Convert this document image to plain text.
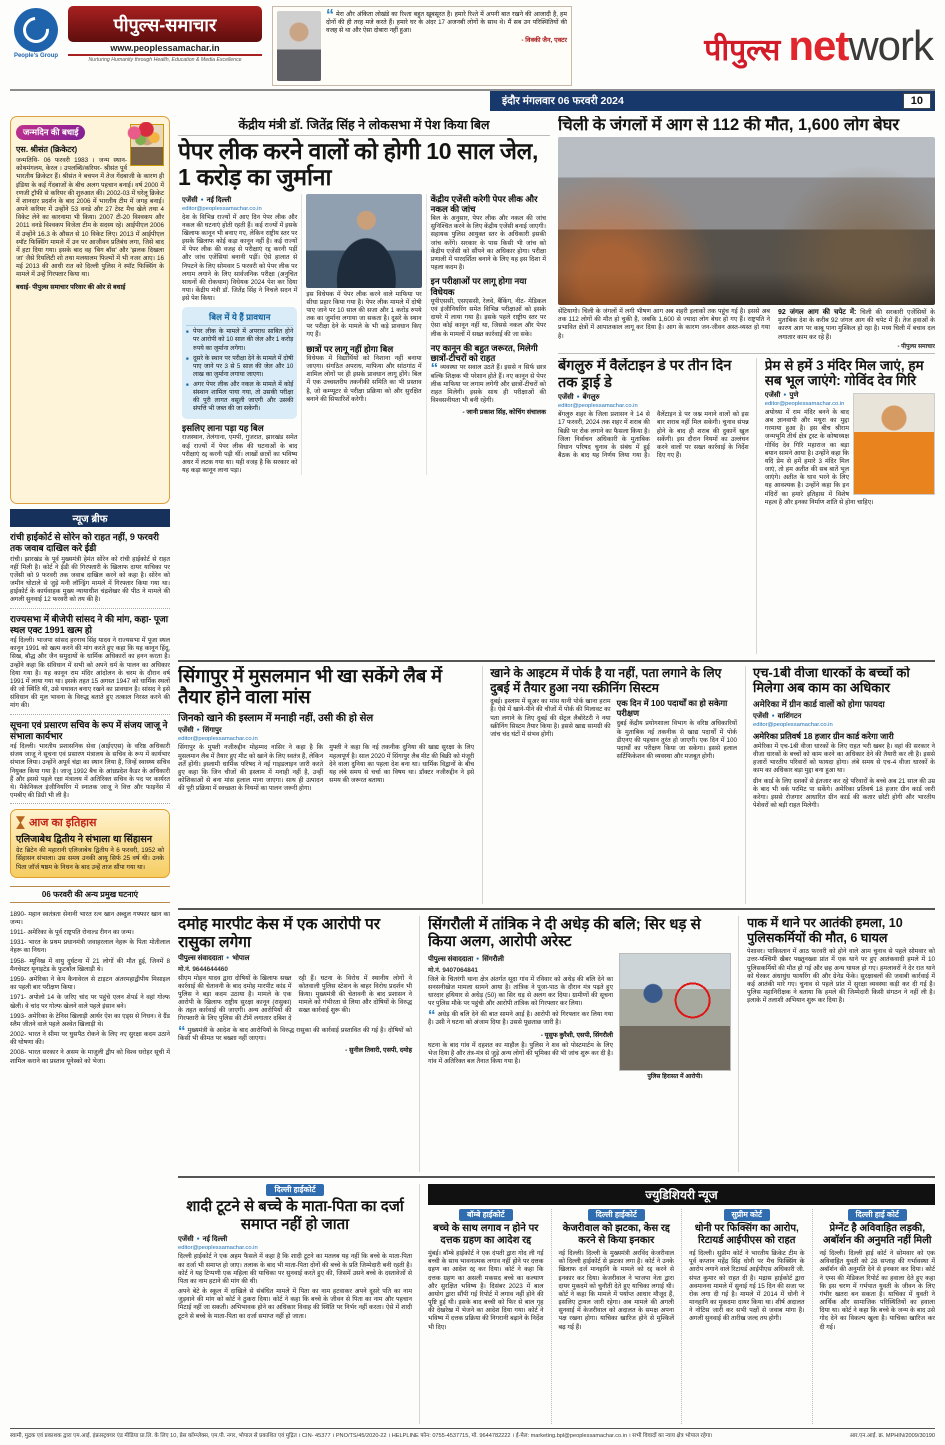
People's Group
पीपुल्स-समाचार
www.peoplessamachar.in
Nurturing Humanity through Health, Education & Media Excellence
“ मेरा और अंकिता लोखंडे का रिश्ता बहुत खूबसूरत है। हमारे रिश्ते में अपनी बात रखने की आजादी है, हम दोनों की ही तरह मजे करते हैं। हमारे घर के अंदर 17 अजनबी लोगों के साथ थे। मैं सब उन परिस्थितियों की वजह से था और ऐसा दोबारा नहीं हुआ।
- विक्की जैन, एक्टर	पीपुल्स network
इंदौर मंगलवार 06 फरवरी 2024	10
जन्मदिन की बधाई
एस. श्रीसंत (क्रिकेटर)

जन्मतिथि- 06 फरवरी 1983 । जन्म स्थान- कोथमंगलम, केरल । उपलब्धि/करियर- श्रीसंत पूर्व भारतीय क्रिकेटर हैं। श्रीसंत ने बचपन में तेज गेंदबाजी के कारण ही इंडिया के कई गेंदबाजों के बीच अलग पहचान बनाई। वर्ष 2000 में रणजी ट्रॉफी से करियर की शुरुआत की। 2002-03 में घरेलू क्रिकेट में शानदार प्रदर्शन के बाद 2006 में भारतीय टीम में जगह बनाई। अपने करियर में उन्होंने 53 वनडे और 27 टेस्ट मैच खेले तथा 4 विकेट लेने का कारनामा भी किया। 2007 टी-20 विश्वकप और 2011 वनडे विश्वकप विजेता टीम के सदस्य रहे। आईपीएल 2006 में उन्होंने 16.3 के औसत से 10 विकेट लिए। 2013 में आईपीएल स्पॉट फिक्सिंग मामले में उन पर आजीवन प्रतिबंध लगा, जिसे बाद में हटा दिया गया। इसके बाद वह 'बिग बॉस' और 'झलक दिखला जा' जैसे रियलिटी शो तथा मलयालम फिल्मों में भी नजर आए। 16 मई 2013 की आधी रात को दिल्ली पुलिस ने स्पॉट फिक्सिंग के मामले में उन्हें गिरफ्तार किया था।

बधाई- पीपुल्स समाचार परिवार की ओर से बधाई
न्यूज ब्रीफ
रांची हाईकोर्ट से सोरेन को राहत नहीं, 9 फरवरी तक जवाब दाखिल करे ईडी

रांची। झारखंड के पूर्व मुख्यमंत्री हेमंत सोरेन को रांची हाईकोर्ट से राहत नहीं मिली है। कोर्ट ने ईडी की गिरफ्तारी के खिलाफ दायर याचिका पर एजेंसी को 9 फरवरी तक जवाब दाखिल करने को कहा है। सोरेन को जमीन घोटाले से जुड़े मनी लॉन्ड्रिंग मामले में गिरफ्तार किया गया था। हाईकोर्ट के कार्यवाहक मुख्य न्यायाधीश चंद्रशेखर की पीठ ने मामले की अगली सुनवाई 12 फरवरी को तय की है।

राज्यसभा में बीजेपी सांसद ने की मांग, कहा- पूजा स्थल एक्ट 1991 खत्म हो

नई दिल्ली। भाजपा सांसद हरनाथ सिंह यादव ने राज्यसभा में पूजा स्थल कानून 1991 को खत्म करने की मांग करते हुए कहा कि यह कानून हिंदू, सिख, बौद्ध और जैन समुदायों के धार्मिक अधिकारों का हनन करता है। उन्होंने कहा कि संविधान में सभी को अपने धर्म के पालन का अधिकार दिया गया है। यह कानून राम मंदिर आंदोलन के चरम के दौरान वर्ष 1991 में लाया गया था। इसके तहत 15 अगस्त 1947 को धार्मिक स्थलों की जो स्थिति थी, उसे यथावत बनाए रखने का प्रावधान है। सांसद ने इसे संविधान की मूल भावना के विरुद्ध बताते हुए तत्काल निरस्त करने की मांग की।

सूचना एवं प्रसारण सचिव के रूप में संजय जाजू ने संभाला कार्यभार

नई दिल्ली। भारतीय प्रशासनिक सेवा (आईएएस) के वरिष्ठ अधिकारी संजय जाजू ने सूचना एवं प्रसारण मंत्रालय के सचिव के रूप में कार्यभार संभाल लिया। उन्होंने अपूर्व चंद्रा का स्थान लिया है, जिन्हें स्वास्थ्य सचिव नियुक्त किया गया है। जाजू 1992 बैच के आंध्रप्रदेश कैडर के अधिकारी हैं और इससे पहले रक्षा मंत्रालय में अतिरिक्त सचिव के पद पर कार्यरत थे। मैकेनिकल इंजीनियरिंग में स्नातक जाजू ने वित्त और फाइनेंस में एमबीए की डिग्री भी ली है।

आज का इतिहास
एलिजाबेथ द्वितीय ने संभाला था सिंहासन

ग्रेट ब्रिटेन की महारानी एलिजाबेथ द्वितीय ने 6 फरवरी, 1952 को सिंहासन संभाला। उस समय उनकी आयु सिर्फ 25 वर्ष थी। उनके पिता जॉर्ज षष्ठम के निधन के बाद उन्हें ताज सौंपा गया था।

06 फरवरी की अन्य प्रमुख घटनाएं
1890- महान स्वतंत्रता सेनानी भारत रत्न खान अब्दुल गफ्फार खान का जन्म।
1911- अमेरिका के पूर्व राष्ट्रपति रोनाल्ड रीगन का जन्म।
1931- भारत के प्रथम प्रधानमंत्री जवाहरलाल नेहरू के पिता मोतीलाल नेहरू का निधन।
1958- म्यूनिख में वायु दुर्घटना में 21 लोगों की मौत हुई, जिनमें 8 मैनचेस्टर यूनाइटेड के फुटबॉल खिलाड़ी थे।
1959- अमेरिका ने केप कैनावेरल से टाइटन अंतरमहाद्वीपीय मिसाइल का पहली बार परीक्षण किया।
1971- अपोलो 14 के जरिए चांद पर पहुंचे एलन शेपर्ड ने वहां गोल्फ खेली। वे चांद पर गोल्फ खेलने वाले पहले इंसान बने।
1993- अमेरिका के टेनिस खिलाड़ी आर्थर ऐश का एड्स से निधन। वे ग्रैंड स्लैम जीतने वाले पहले अश्वेत खिलाड़ी थे।
2002- भारत ने सीमा पर घुसपैठ रोकने के लिए नए सुरक्षा कदम उठाने की घोषणा की।
2008- भारत सरकार ने असम के माजुली द्वीप को विश्व धरोहर सूची में शामिल कराने का प्रस्ताव यूनेस्को को भेजा।
केंद्रीय मंत्री डॉ. जितेंद्र सिंह ने लोकसभा में पेश किया बिल
पेपर लीक करने वालों को होगी 10 साल जेल, 1 करोड़ का जुर्माना
एजेंसी ● नई दिल्ली
editor@peoplessamachar.co.in

देश के विभिन्न राज्यों में आए दिन पेपर लीक और नकल की घटनाएं होती रहती हैं। कई राज्यों में इसके खिलाफ कानून भी बनाए गए, लेकिन राष्ट्रीय स्तर पर इसके खिलाफ कोई कड़ा कानून नहीं है। कई राज्यों में पेपर लीक की वजह से परीक्षाएं रद्द करनी पड़ीं और जांच एजेंसियां बनानी पड़ीं। ऐसे हालात से निपटने के लिए सोमवार 5 फरवरी को पेपर लीक पर लगाम लगाने के लिए सार्वजनिक परीक्षा (अनुचित साधनों की रोकथाम) विधेयक 2024 पेश कर दिया गया। केंद्रीय मंत्री डॉ. जितेंद्र सिंह ने निचले सदन में इसे पेश किया।

बिल में ये हैं प्रावधान
■ पेपर लीक के मामले में अपराध साबित होने पर आरोपी को 10 साल की जेल और 1 करोड़ रुपये का जुर्माना लगेगा।
■ दूसरे के स्थान पर परीक्षा देने के मामले में दोषी पाए जाने पर 3 से 5 साल की जेल और 10 लाख का जुर्माना लगाया जाएगा।
■ अगर पेपर लीक और नकल के मामले में कोई संस्थान शामिल पाया गया, तो उसकी परीक्षा की पूरी लागत वसूली जाएगी और उसकी संपत्ति भी जब्त की जा सकेगी।
इसलिए लाना पड़ा यह बिल

राजस्थान, तेलंगाना, एमपी, गुजरात, झारखंड समेत कई राज्यों में पेपर लीक की घटनाओं के बाद परीक्षाएं रद्द करनी पड़ी थीं। लाखों छात्रों का भविष्य अधर में लटक गया था। यही वजह है कि सरकार को यह कड़ा कानून लाना पड़ा।

इस विधेयक में पेपर लीक करने वाले माफिया पर सीधा प्रहार किया गया है। पेपर लीक मामले में दोषी पाए जाने पर 10 साल की सजा और 1 करोड़ रुपये तक का जुर्माना लगाया जा सकता है। दूसरे के स्थान पर परीक्षा देने के मामले के भी कड़े प्रावधान किए गए हैं।

छात्रों पर लागू नहीं होगा बिल

विधेयक में विद्यार्थियों को निशाना नहीं बनाया जाएगा। संगठित अपराध, माफिया और सांठगांठ में शामिल लोगों पर ही इसके प्रावधान लागू होंगे। बिल में एक उच्चस्तरीय तकनीकी समिति का भी प्रस्ताव है, जो कम्प्यूटर से परीक्षा प्रक्रिया को और सुरक्षित बनाने की सिफारिशें करेगी।

केंद्रीय एजेंसी करेगी पेपर लीक और नकल की जांच

बिल के अनुसार, पेपर लीक और नकल की जांच सुनिश्चित करने के लिए केंद्रीय एजेंसी बनाई जाएगी। सहायक पुलिस आयुक्त स्तर के अधिकारी इसकी जांच करेंगे। सरकार के पास किसी भी जांच को केंद्रीय एजेंसी को सौंपने का अधिकार होगा। परीक्षा प्रणाली में पारदर्शिता बनाने के लिए यह इस दिशा में पहला कदम है।

इन परीक्षाओं पर लागू होगा नया विधेयक

यूपीएससी, एसएससी, रेलवे, बैंकिंग, नीट- मेडिकल एवं इंजीनियरिंग समेत विभिन्न परीक्षाओं को इसके दायरे में लाया गया है। इसके पहले राष्ट्रीय स्तर पर ऐसा कोई कानून नहीं था, जिससे नकल और पेपर लीक के मामलों में सख्त कार्रवाई की जा सके।

नए कानून की बहुत जरूरत, मिलेगी छात्रों-टीचरों को राहत

“ व्यवस्था पर सवाल उठते हैं। इससे न सिर्फ छात्र बल्कि शिक्षक भी परेशान होते हैं। नए कानून से पेपर लीक माफिया पर लगाम लगेगी और छात्रों-टीचरों को राहत मिलेगी। इसके साथ ही परीक्षाओं की विश्वसनीयता भी बनी रहेगी।

- जानी प्रकाश सिंह, कोचिंग संचालक
चिली के जंगलों में आग से 112 की मौत, 1,600 लोग बेघर

सेंटियागो। चिली के जंगलों में लगी भीषण आग अब शहरी इलाकों तक पहुंच गई है। इससे अब तक 112 लोगों की मौत हो चुकी है, जबकि 1,600 से ज्यादा लोग बेघर हो गए हैं। राष्ट्रपति ने प्रभावित क्षेत्रों में आपातकाल लागू कर दिया है। आग के कारण जन-जीवन अस्त-व्यस्त हो गया है।

92 जंगल आग की चपेट में: चिली की सरकारी एजेंसियों के मुताबिक देश के करीब 92 जंगल आग की चपेट में हैं। तेज हवाओं के कारण आग पर काबू पाना मुश्किल हो रहा है। मध्य चिली में बचाव दल लगातार काम कर रहे हैं।

- पीपुल्स समाचार
बेंगलुरु में वैलेंटाइन डे पर तीन दिन तक ड्राई डे
एजेंसी ● बेंगलुरु
editor@peoplessamachar.co.in

बेंगलुरु शहर के जिला प्रशासन ने 14 से 17 फरवरी, 2024 तक शहर में शराब की बिक्री पर रोक लगाने का फैसला किया है। जिला निर्वाचन अधिकारी के मुताबिक विधान परिषद चुनाव के संबंध में हुई बैठक के बाद यह निर्णय लिया गया है। वैलेंटाइन डे पर जश्न मनाने वालों को इस बार शराब नहीं मिल सकेगी। चुनाव संपन्न होने के बाद ही शराब की दुकानें खुल सकेंगी। इस दौरान नियमों का उल्लंघन करने वालों पर सख्त कार्रवाई के निर्देश दिए गए हैं।

प्रेम से हमें 3 मंदिर मिल जाएं, हम सब भूल जाएंगे: गोविंद देव गिरि
एजेंसी ● पुणे
editor@peoplessamachar.co.in

अयोध्या में राम मंदिर बनने के बाद अब ज्ञानवापी और मथुरा का मुद्दा गरमाया हुआ है। इस बीच श्रीराम जन्मभूमि तीर्थ क्षेत्र ट्रस्ट के कोषाध्यक्ष गोविंद देव गिरि महाराज का बड़ा बयान सामने आया है। उन्होंने कहा कि यदि प्रेम से हमें हमारे 3 मंदिर मिल जाएं, तो हम अतीत की सब बातें भूल जाएंगे। अतीत के घाव भरने के लिए यह आवश्यक है। उन्होंने कहा कि इन मंदिरों का हमारे इतिहास में विशेष महत्व है और इनका निर्माण शांति से होना चाहिए।

सिंगापुर में मुसलमान भी खा सकेंगे लैब में तैयार होने वाला मांस
जिनको खाने की इस्लाम में मनाही नहीं, उसी की हो सेल
एजेंसी ● सिंगापुर
editor@peoplessamachar.co.in

सिंगापुर के मुफ्ती नजीरुद्दीन मोहम्मद नासिर ने कहा है कि मुसलमान लैब में तैयार हुए मीट को खाने के लिए स्वतंत्र हैं, लेकिन शर्तें होंगी। इस्लामी धार्मिक परिषद ने नई गाइडलाइन जारी करते हुए कहा कि जिन चीजों की इस्लाम में मनाही नहीं है, उन्हीं कोशिकाओं से बना मांस हलाल माना जाएगा। साथ ही उत्पादन की पूरी प्रक्रिया में स्वच्छता के नियमों का पालन जरूरी होगा।

मुफ्ती ने कहा कि नई तकनीक दुनिया की खाद्य सुरक्षा के लिए महत्वपूर्ण है। साल 2020 में सिंगापुर लैब मीट की बिक्री को मंजूरी देने वाला दुनिया का पहला देश बना था। धार्मिक विद्वानों के बीच यह लंबे समय से चर्चा का विषय था। डॉक्टर नजीरुद्दीन ने इसे समय की जरूरत बताया।

खाने के आइटम में पोर्क है या नहीं, पता लगाने के लिए दुबई में तैयार हुआ नया स्क्रीनिंग सिस्टम

दुबई। इस्लाम में सूअर का मांस यानी पोर्क खाना हराम है। ऐसे में खाने-पीने की चीजों में पोर्क की मिलावट का पता लगाने के लिए दुबई की सेंट्रल लैबोरेटरी ने नया स्क्रीनिंग सिस्टम तैयार किया है। इससे खाद्य सामग्री की जांच चंद घंटों में संभव होगी।

एक दिन में 100 पदार्थों का हो सकेगा परीक्षण

दुबई केंद्रीय प्रयोगशाला विभाग के वरिष्ठ अधिकारियों के मुताबिक नई तकनीक से खाद्य पदार्थों में पोर्क डीएनए की पहचान तुरंत हो जाएगी। एक दिन में 100 पदार्थों का परीक्षण किया जा सकेगा। इससे हलाल सर्टिफिकेशन की व्यवस्था और मजबूत होगी।

एच-1बी वीजा धारकों के बच्चों को मिलेगा अब काम का अधिकार
अमेरिका में ग्रीन कार्ड वालों को होगा फायदा
एजेंसी ● वाशिंगटन
editor@peoplessamachar.co.in
अमेरिका प्रतिवर्ष 18 हजार ग्रीन कार्ड करेगा जारी

अमेरिका में एच-1बी वीजा धारकों के लिए राहत भरी खबर है। वहां की सरकार ने वीजा धारकों के बच्चों को काम करने का अधिकार देने की तैयारी कर ली है। इससे हजारों भारतीय परिवारों को फायदा होगा। लंबे समय से एच-4 वीजा धारकों के काम का अधिकार बड़ा मुद्दा बना हुआ था।

ग्रीन कार्ड के लिए दशकों से इंतजार कर रहे परिवारों के बच्चे अब 21 साल की उम्र के बाद भी वर्क परमिट पा सकेंगे। अमेरिका प्रतिवर्ष 18 हजार ग्रीन कार्ड जारी करेगा। इससे रोजगार आधारित ग्रीन कार्ड की कतार छोटी होगी और भारतीय पेशेवरों को बड़ी राहत मिलेगी।

दमोह मारपीट केस में एक आरोपी पर रासुका लगेगा
पीपुल्स संवाददाता ● भोपाल
मो.नं. 9644644460

सीएम मोहन यादव द्वारा दोषियों के खिलाफ सख्त कार्रवाई की चेतावनी के बाद दमोह मारपीट कांड में पुलिस ने बड़ा कदम उठाया है। मामले के एक आरोपी के खिलाफ राष्ट्रीय सुरक्षा कानून (रासुका) के तहत कार्रवाई की जाएगी। अन्य आरोपियों की गिरफ्तारी के लिए पुलिस की टीमें लगातार दबिश दे रही हैं। घटना के विरोध में स्थानीय लोगों ने कोतवाली पुलिस स्टेशन के बाहर विरोध प्रदर्शन भी किया। मुख्यमंत्री की चेतावनी के बाद प्रशासन ने मामले को गंभीरता से लिया और दोषियों के विरुद्ध सख्त कार्रवाई शुरू की।

“ मुख्यमंत्री के आदेश के बाद आरोपियों के विरुद्ध रासुका की कार्रवाई प्रस्तावित की गई है। दोषियों को किसी भी कीमत पर बख्शा नहीं जाएगा।

- सुनील तिवारी, एसपी, दमोह
सिंगरौली में तांत्रिक ने दी अधेड़ की बलि; सिर धड़ से किया अलग, आरोपी अरेस्ट
पीपुल्स संवाददाता ● सिंगरौली
मो.नं. 9407064841

जिले के चितरंगी थाना क्षेत्र अंतर्गत सूदा गांव में रविवार को अधेड़ की बलि देने का सनसनीखेज मामला सामने आया है। तांत्रिक ने पूजा-पाठ के दौरान मंत्र पढ़ते हुए धारदार हथियार से अधेड़ (50) का सिर धड़ से अलग कर दिया। ग्रामीणों की सूचना पर पुलिस मौके पर पहुंची और आरोपी तांत्रिक को गिरफ्तार कर लिया।

“ अधेड़ की बलि देने की बात सामने आई है। आरोपी को गिरफ्तार कर लिया गया है। उसी ने घटना को अंजाम दिया है। उससे पूछताछ जारी है।

- यूसुफ कुरैशी, एसपी, सिंगरौली

घटना के बाद गांव में दहशत का माहौल है। पुलिस ने शव को पोस्टमार्टम के लिए भेज दिया है और तंत्र-मंत्र से जुड़े अन्य लोगों की भूमिका की भी जांच शुरू कर दी है। गांव में अतिरिक्त बल तैनात किया गया है।

पुलिस हिरासत में आरोपी।
पाक में थाने पर आतंकी हमला, 10 पुलिसकर्मियों की मौत, 6 घायल

पेशावर। पाकिस्तान में आठ फरवरी को होने वाले आम चुनाव से पहले सोमवार को उत्तर-पश्चिमी खैबर पख्तूनख्वा प्रांत में एक थाने पर हुए आतंकवादी हमले में 10 पुलिसकर्मियों की मौत हो गई और छह अन्य घायल हो गए। हमलावरों ने देर रात थाने को घेरकर अंधाधुंध फायरिंग की और ग्रेनेड फेंके। सुरक्षाबलों की जवाबी कार्रवाई में कई आतंकी मारे गए। चुनाव से पहले प्रांत में सुरक्षा व्यवस्था कड़ी कर दी गई है। पुलिस महानिरीक्षक ने बताया कि हमले की जिम्मेदारी किसी संगठन ने नहीं ली है। इलाके में तलाशी अभियान शुरू कर दिया है।

दिल्ली हाईकोर्ट
शादी टूटने से बच्चे के माता-पिता का दर्जा समाप्त नहीं हो जाता
एजेंसी ● नई दिल्ली
editor@peoplessamachar.co.in

दिल्ली हाईकोर्ट ने एक अहम फैसले में कहा है कि शादी टूटने का मतलब यह नहीं कि बच्चे के माता-पिता का दर्जा भी समाप्त हो जाए। तलाक के बाद भी माता-पिता दोनों की बच्चे के प्रति जिम्मेदारी बनी रहती है। कोर्ट ने यह टिप्पणी एक महिला की याचिका पर सुनवाई करते हुए की, जिसमें उसने बच्चे के दस्तावेजों से पिता का नाम हटाने की मांग की थी।

अपने बेटे के स्कूल में दाखिले से संबंधित मामले में पिता का नाम हटवाकर अपने दूसरे पति का नाम जुड़वाने की मांग को कोर्ट ने ठुकरा दिया। कोर्ट ने कहा कि बच्चे के जीवन से पिता का नाम और पहचान मिटाई नहीं जा सकती। अभिभावक होने का अधिकार विवाह की स्थिति पर निर्भर नहीं करता। ऐसे में शादी टूटने से बच्चे के माता-पिता का दर्जा समाप्त नहीं हो जाता।

ज्युडिशियरी न्यूज
बॉम्बे हाईकोर्ट
बच्चे के साथ लगाव न होने पर दत्तक ग्रहण का आदेश रद्द

मुंबई। बॉम्बे हाईकोर्ट ने एक दंपती द्वारा गोद ली गई बच्ची के साथ भावनात्मक लगाव नहीं होने पर दत्तक ग्रहण का आदेश रद्द कर दिया। कोर्ट ने कहा कि दत्तक ग्रहण का असली मकसद बच्चे का कल्याण और सुरक्षित भविष्य है। दिसंबर 2023 में बाल आयोग द्वारा सौंपी गई रिपोर्ट में लगाव नहीं होने की पुष्टि हुई थी। इसके बाद बच्ची को फिर से बाल गृह की देखरेख में भेजने का आदेश दिया गया। कोर्ट ने भविष्य में दत्तक प्रक्रिया की निगरानी बढ़ाने के निर्देश भी दिए।

दिल्ली हाईकोर्ट
केजरीवाल को झटका, केस रद्द करने से किया इनकार

नई दिल्ली। दिल्ली के मुख्यमंत्री अरविंद केजरीवाल को दिल्ली हाईकोर्ट से झटका लगा है। कोर्ट ने उनके खिलाफ दर्ज मानहानि के मामले को रद्द करने से इनकार कर दिया। केजरीवाल ने भाजपा नेता द्वारा दायर मुकदमे को चुनौती देते हुए याचिका लगाई थी। कोर्ट ने कहा कि मामले में पर्याप्त आधार मौजूद हैं, इसलिए ट्रायल जारी रहेगा। अब मामले की अगली सुनवाई में केजरीवाल को अदालत के समक्ष अपना पक्ष रखना होगा। याचिका खारिज होने से मुश्किलें बढ़ गई हैं।

सुप्रीम कोर्ट
धोनी पर फिक्सिंग का आरोप, रिटायर्ड आईपीएस को राहत

नई दिल्ली। सुप्रीम कोर्ट ने भारतीय क्रिकेट टीम के पूर्व कप्तान महेंद्र सिंह धोनी पर मैच फिक्सिंग के आरोप लगाने वाले रिटायर्ड आईपीएस अधिकारी जी. संपत कुमार को राहत दी है। मद्रास हाईकोर्ट द्वारा अवमानना मामले में सुनाई गई 15 दिन की सजा पर रोक लगा दी गई है। मामले में 2014 में धोनी ने मानहानि का मुकदमा दायर किया था। शीर्ष अदालत ने नोटिस जारी कर सभी पक्षों से जवाब मांगा है। अगली सुनवाई की तारीख जल्द तय होगी।

दिल्ली हाई कोर्ट
प्रेग्नेंट है अविवाहित लड़की, अबॉर्शन की अनुमति नहीं मिली

नई दिल्ली। दिल्ली हाई कोर्ट ने सोमवार को एक अविवाहित युवती को 28 सप्ताह की गर्भावस्था में अबॉर्शन की अनुमति देने से इनकार कर दिया। कोर्ट ने एम्स की मेडिकल रिपोर्ट का हवाला देते हुए कहा कि इस चरण में गर्भपात युवती के जीवन के लिए गंभीर खतरा बन सकता है। याचिका में युवती ने आर्थिक और सामाजिक परिस्थितियों का हवाला दिया था। कोर्ट ने कहा कि बच्चे के जन्म के बाद उसे गोद देने का विकल्प खुला है। याचिका खारिज कर दी गई।

स्वामी, मुद्रक एवं प्रकाशक द्वारा एम.आई. इंफ्रास्ट्रक्चर एंड मीडिया प्रा.लि. के लिए 10, प्रेस कॉम्प्लेक्स, एम.पी. नगर, भोपाल से प्रकाशित एवं मुद्रित । CIN- 45377 । PNO/TS/45/2020-22 । HELPLINE फोन: 0755-4537715, मो. 9644782222 । ई-मेल: marketing.bpl@peoplessamachar.co.in । सभी विवादों का न्याय क्षेत्र भोपाल रहेगा।	आर.एन.आई. क्र. MPHIN/2009/30190
